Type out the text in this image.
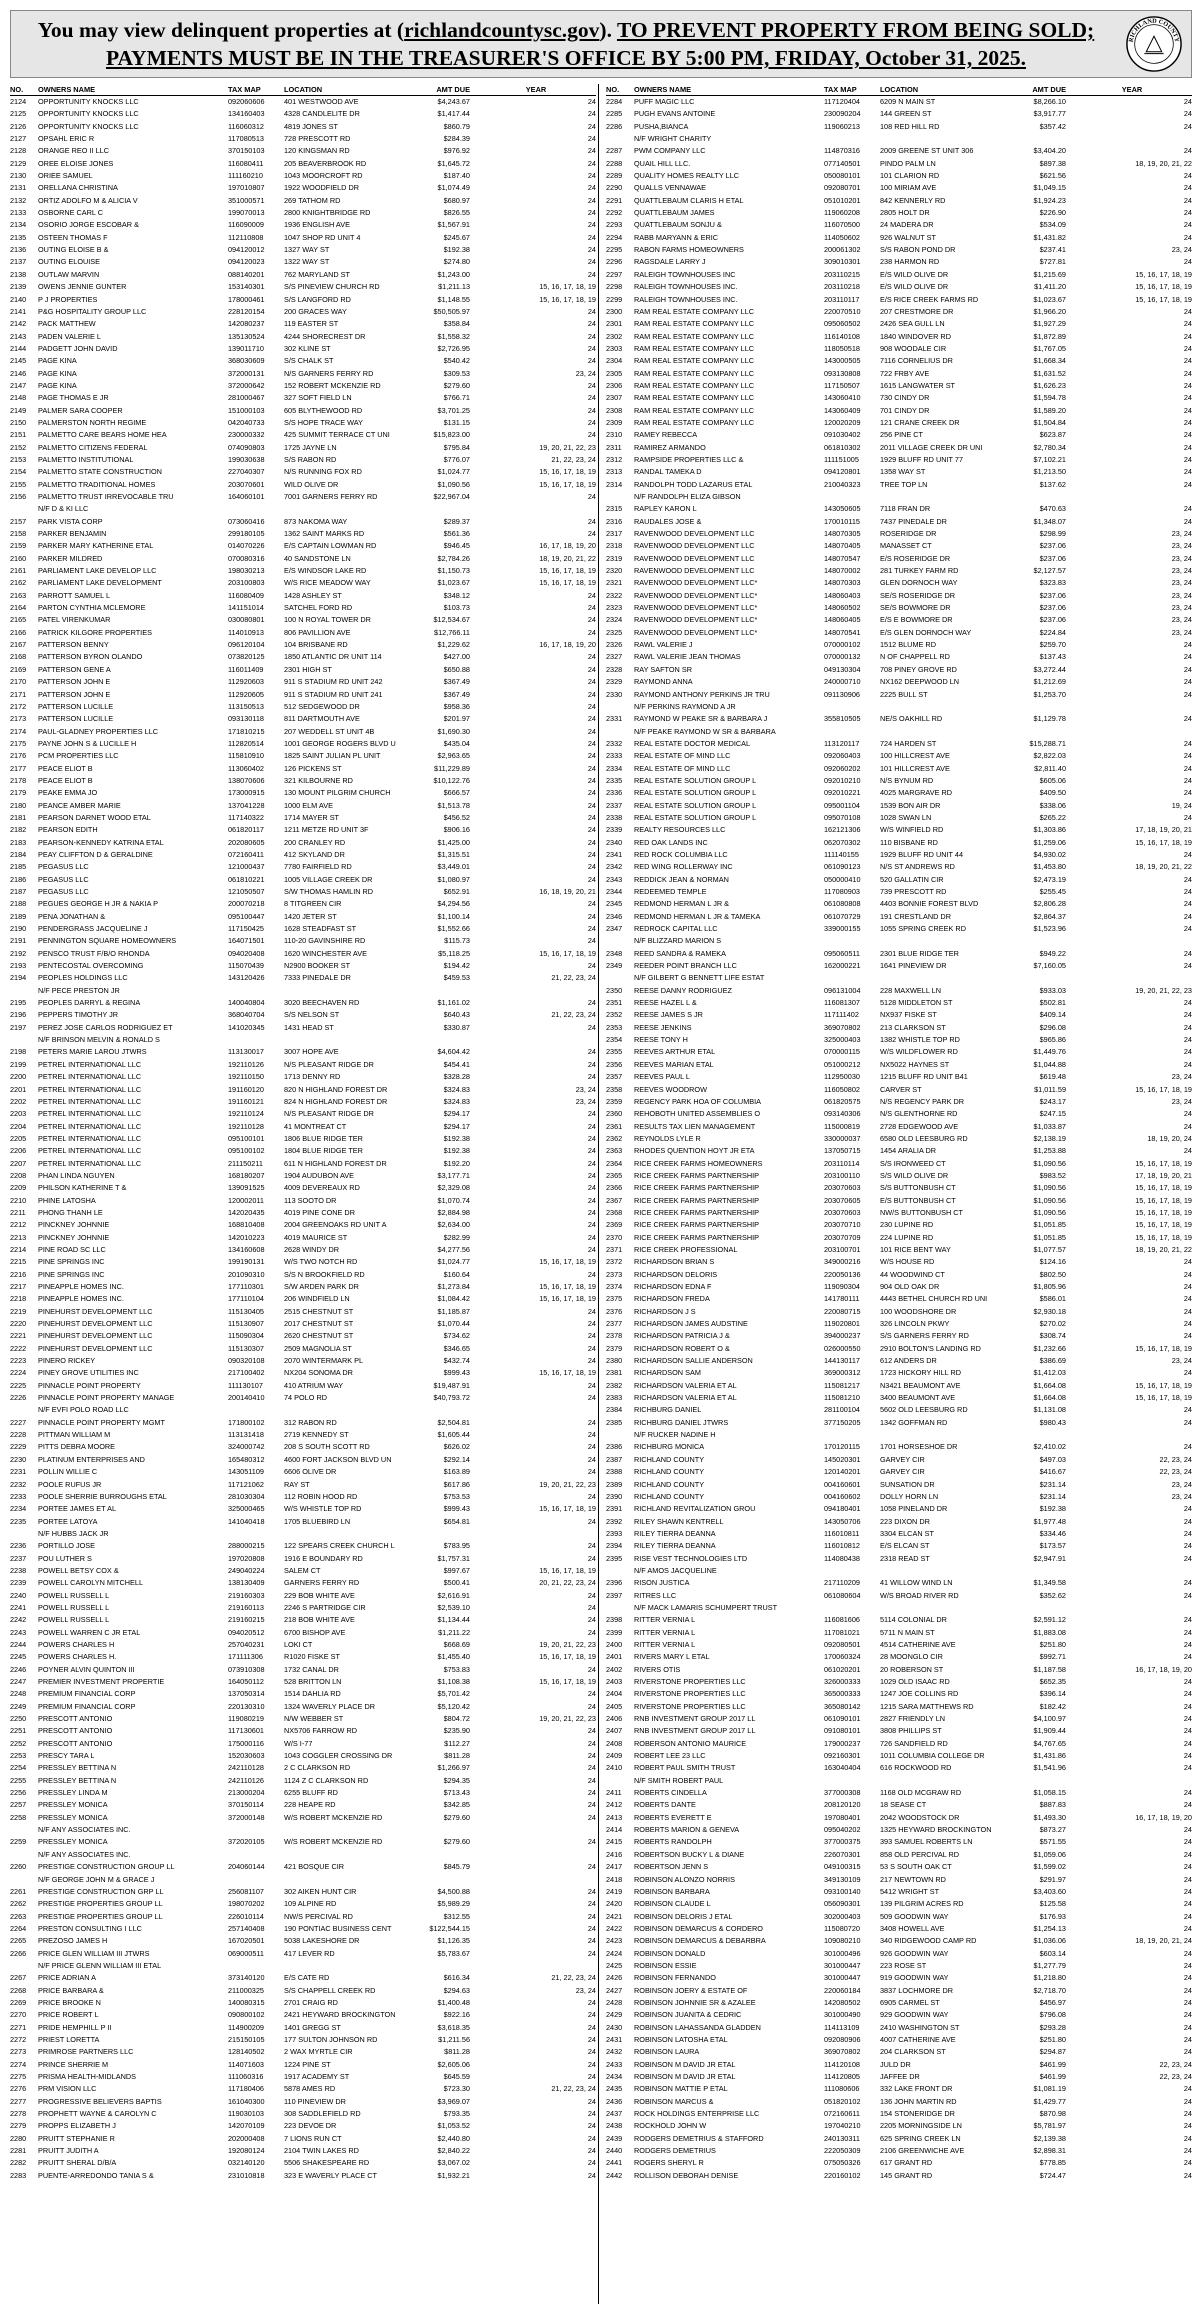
You may view delinquent properties at (richlandcountysc.gov). TO PREVENT PROPERTY FROM BEING SOLD;
PAYMENTS MUST BE IN THE TREASURER'S OFFICE BY 5:00 PM, FRIDAY, October 31, 2025.
RICHLAND COUNTY
NO.	OWNERS NAME	TAX MAP	LOCATION	AMT DUE	YEAR
2124	OPPORTUNITY KNOCKS LLC	092060606	401 WESTWOOD AVE	$4,243.67	24
2125	OPPORTUNITY KNOCKS LLC	134160403	4328 CANDLELITE DR	$1,417.44	24
2126	OPPORTUNITY KNOCKS LLC	116060312	4819 JONES ST	$860.79	24
2127	OPSAHL ERIC R	117080513	728 PRESCOTT RD	$284.39	24
2128	ORANGE REO II LLC	370150103	120 KINGSMAN RD	$976.92	24
2129	OREE ELOISE JONES	116080411	205 BEAVERBROOK RD	$1,645.72	24
2130	ORIEE SAMUEL	111160210	1043 MOORCROFT RD	$187.40	24
2131	ORELLANA CHRISTINA	197010807	1922 WOODFIELD DR	$1,074.49	24
2132	ORTIZ ADOLFO M & ALICIA V	351000571	269 TATHOM RD	$680.97	24
2133	OSBORNE CARL C	199070013	2800 KNIGHTBRIDGE RD	$826.55	24
2134	OSORIO JORGE ESCOBAR &	116090009	1936 ENGLISH AVE	$1,567.91	24
2135	OSTEEN THOMAS F	112110808	1047 SHOP RD UNIT 4	$245.67	24
2136	OUTING ELOISE B &	094120012	1327 WAY ST	$192.38	24
2137	OUTING ELOUISE	094120023	1322 WAY ST	$274.80	24
2138	OUTLAW MARVIN	088140201	762 MARYLAND ST	$1,243.00	24
2139	OWENS JENNIE GUNTER	153140301	S/S PINEVIEW CHURCH RD	$1,211.13	15, 16, 17, 18, 19
2140	P J PROPERTIES	178000461	S/S LANGFORD RD	$1,148.55	15, 16, 17, 18, 19
2141	P&G HOSPITALITY GROUP LLC	228120154	200 GRACES WAY	$50,505.97	24
2142	PACK MATTHEW	142080237	119 EASTER ST	$358.84	24
2143	PADEN VALERIE L	135130524	4244 SHORECREST DR	$1,558.32	24
2144	PADGETT JOHN DAVID	139011710	302 KLINE ST	$2,726.95	24
2145	PAGE KINA	368030609	S/S CHALK ST	$540.42	24
2146	PAGE KINA	372000131	N/S GARNERS FERRY RD	$309.53	23, 24
2147	PAGE KINA	372000642	152 ROBERT MCKENZIE RD	$279.60	24
2148	PAGE THOMAS E JR	281000467	327 SOFT FIELD LN	$766.71	24
2149	PALMER SARA COOPER	151000103	605 BLYTHEWOOD RD	$3,701.25	24
2150	PALMERSTON NORTH REGIME	042040733	S/S HOPE TRACE WAY	$131.15	24
2151	PALMETTO CARE BEARS HOME HEA	230000332	425 SUMMIT TERRACE CT UNI	$15,823.00	24
2152	PALMETTO CITIZENS FEDERAL	074090803	1725 JAYNE LN	$795.84	19, 20, 21, 22, 23
2153	PALMETTO INSTITUTIONAL	199030638	S/S RABON RD	$776.07	21, 22, 23, 24
2154	PALMETTO STATE CONSTRUCTION	227040307	N/S RUNNING FOX RD	$1,024.77	15, 16, 17, 18, 19
2155	PALMETTO TRADITIONAL HOMES	203070601	WILD OLIVE DR	$1,090.56	15, 16, 17, 18, 19
2156	PALMETTO TRUST IRREVOCABLE TRU	164060101	7001 GARNERS FERRY RD	$22,967.04	24
N/F D & KI LLC
2157	PARK VISTA CORP	073060416	873 NAKOMA WAY	$289.37	24
2158	PARKER BENJAMIN	299180105	1362 SAINT MARKS RD	$561.36	24
2159	PARKER MARY KATHERINE ETAL	014070226	E/S CAPTAIN LOWMAN RD	$946.45	16, 17, 18, 19, 20
2160	PARKER MILDRED	070080316	40 SANDSTONE LN	$2,784.26	18, 19, 20, 21, 22
2161	PARLIAMENT LAKE DEVELOP LLC	198030213	E/S WINDSOR LAKE RD	$1,150.73	15, 16, 17, 18, 19
2162	PARLIAMENT LAKE DEVELOPMENT	203100803	W/S RICE MEADOW WAY	$1,023.67	15, 16, 17, 18, 19
2163	PARROTT SAMUEL L	116080409	1428 ASHLEY ST	$348.12	24
2164	PARTON CYNTHIA MCLEMORE	141151014	SATCHEL FORD RD	$103.73	24
2165	PATEL VIRENKUMAR	030080801	100 N ROYAL TOWER DR	$12,534.67	24
2166	PATRICK KILGORE PROPERTIES	114010913	806 PAVILLION AVE	$12,766.11	24
2167	PATTERSON BENNY	096120104	104 BRISBANE RD	$1,229.62	16, 17, 18, 19, 20
2168	PATTERSON BYRON OLANDO	073820125	1850 ATLANTIC DR UNIT 114	$427.00	24
2169	PATTERSON GENE A	116011409	2301 HIGH ST	$650.88	24
2170	PATTERSON JOHN E	112920603	911 S STADIUM RD UNIT 242	$367.49	24
2171	PATTERSON JOHN E	112920605	911 S STADIUM RD UNIT 241	$367.49	24
2172	PATTERSON LUCILLE	113150513	512 SEDGEWOOD DR	$958.36	24
2173	PATTERSON LUCILLE	093130118	811 DARTMOUTH AVE	$201.97	24
2174	PAUL-GLADNEY PROPERTIES LLC	171810215	207 WEDDELL ST UNIT 4B	$1,690.30	24
2175	PAYNE JOHN S & LUCILLE H	112820514	1001 GEORGE ROGERS BLVD U	$435.04	24
2176	PCM PROPERTIES LLC	115810910	1825 SAINT JULIAN PL UNIT	$2,963.65	24
2177	PEACE ELIOT B	113060402	126 PICKENS ST	$11,229.89	24
2178	PEACE ELIOT B	138070606	321 KILBOURNE RD	$10,122.76	24
2179	PEAKE EMMA JO	173000915	130 MOUNT PILGRIM CHURCH	$666.57	24
2180	PEANCE AMBER MARIE	137041228	1000 ELM AVE	$1,513.78	24
2181	PEARSON DARNET WOOD ETAL	117140322	1714 MAYER ST	$456.52	24
2182	PEARSON EDITH	061820117	1211 METZE RD UNIT 3F	$906.16	24
2183	PEARSON-KENNEDY KATRINA ETAL	202080605	200 CRANLEY RD	$1,425.00	24
2184	PEAY CLIFFTON D & GERALDINE	072160411	412 SKYLAND DR	$1,315.51	24
2185	PEGASUS LLC	121000437	7780 FAIRFIELD RD	$3,449.01	24
2186	PEGASUS LLC	061810221	1005 VILLAGE CREEK DR	$1,080.97	24
2187	PEGASUS LLC	121050507	S/W THOMAS HAMLIN RD	$652.91	16, 18, 19, 20, 21
2188	PEGUES GEORGE H JR & NAKIA P	200070218	8 TITGREEN CIR	$4,294.56	24
2189	PENA JONATHAN &	095100447	1420 JETER ST	$1,100.14	24
2190	PENDERGRASS JACQUELINE J	117150425	1628 STEADFAST ST	$1,552.66	24
2191	PENNINGTON SQUARE HOMEOWNERS	164071501	110-20 GAVINSHIRE RD	$115.73	24
2192	PENSCO TRUST F/B/O RHONDA	094020408	1620 WINCHESTER AVE	$5,118.25	15, 16, 17, 18, 19
2193	PENTECOSTAL OVERCOMING	115070439	N2900 BOOKER ST	$194.42	24
2194	PEOPLES HOLDINGS LLC	143120426	7333 PINEDALE DR	$459.53	21, 22, 23, 24
N/F PECE PRESTON JR
2195	PEOPLES DARRYL & REGINA	140040804	3020 BEECHAVEN RD	$1,161.02	24
2196	PEPPERS TIMOTHY JR	368040704	S/S NELSON ST	$640.43	21, 22, 23, 24
2197	PEREZ JOSE CARLOS RODRIGUEZ ET	141020345	1431 HEAD ST	$330.87	24
N/F BRINSON MELVIN & RONALD S
2198	PETERS MARIE LAROU JTWRS	113130017	3007 HOPE AVE	$4,604.42	24
2199	PETREL INTERNATIONAL LLC	192110126	N/S PLEASANT RIDGE DR	$454.41	24
2200	PETREL INTERNATIONAL LLC	192110150	1713 DENNY RD	$328.28	24
2201	PETREL INTERNATIONAL LLC	191160120	820 N HIGHLAND FOREST DR	$324.83	23, 24
2202	PETREL INTERNATIONAL LLC	191160121	824 N HIGHLAND FOREST DR	$324.83	23, 24
2203	PETREL INTERNATIONAL LLC	192110124	N/S PLEASANT RIDGE DR	$294.17	24
2204	PETREL INTERNATIONAL LLC	192110128	41 MONTREAT CT	$294.17	24
2205	PETREL INTERNATIONAL LLC	095100101	1806 BLUE RIDGE TER	$192.38	24
2206	PETREL INTERNATIONAL LLC	095100102	1804 BLUE RIDGE TER	$192.38	24
2207	PETREL INTERNATIONAL LLC	211150211	611 N HIGHLAND FOREST DR	$192.20	24
2208	PHAN LINDA NGUYEN	168180207	1904 AUDUBON AVE	$3,177.71	24
2209	PHILSON KATHERINE T &	139091525	4009 DEVEREAUX RD	$2,329.08	24
2210	PHINE LATOSHA	120002011	113 SOOTO DR	$1,070.74	24
2211	PHONG THANH LE	142020435	4019 PINE CONE DR	$2,884.98	24
2212	PINCKNEY JOHNNIE	168810408	2004 GREENOAKS RD UNIT A	$2,634.00	24
2213	PINCKNEY JOHNNIE	142010223	4019 MAURICE ST	$282.99	24
2214	PINE ROAD SC LLC	134160608	2628 WINDY DR	$4,277.56	24
2215	PINE SPRINGS INC	199190131	W/S TWO NOTCH RD	$1,024.77	15, 16, 17, 18, 19
2216	PINE SPRINGS INC	201090310	S/S N BROOKFIELD RD	$160.64	24
2217	PINEAPPLE HOMES INC.	177110301	S/W ARDEN PARK DR	$1,273.84	15, 16, 17, 18, 19
2218	PINEAPPLE HOMES INC.	177110104	206 WINDFIELD LN	$1,084.42	15, 16, 17, 18, 19
2219	PINEHURST DEVELOPMENT LLC	115130405	2515 CHESTNUT ST	$1,185.87	24
2220	PINEHURST DEVELOPMENT LLC	115130907	2017 CHESTNUT ST	$1,070.44	24
2221	PINEHURST DEVELOPMENT LLC	115090304	2620 CHESTNUT ST	$734.62	24
2222	PINEHURST DEVELOPMENT LLC	115130307	2509 MAGNOLIA ST	$346.65	24
2223	PINERO RICKEY	090320108	2070 WINTERMARK PL	$432.74	24
2224	PINEY GROVE UTILITIES INC	217100402	NX204 SONOMA DR	$999.43	15, 16, 17, 18, 19
2225	PINNACLE POINT PROPERTY	111130107	410 ATRIUM WAY	$19,487.91	24
2226	PINNACLE POINT PROPERTY MANAGE	200140410	74 POLO RD	$40,793.72	24
N/F EVFI POLO ROAD LLC
2227	PINNACLE POINT PROPERTY MGMT	171800102	312 RABON RD	$2,504.81	24
2228	PITTMAN WILLIAM M	113131418	2719 KENNEDY ST	$1,605.44	24
2229	PITTS DEBRA MOORE	324000742	208 S SOUTH SCOTT RD	$626.02	24
2230	PLATINUM ENTERPRISES AND	165480312	4600 FORT JACKSON BLVD UN	$292.14	24
2231	POLLIN WILLIE C	143051109	6606 OLIVE DR	$163.89	24
2232	POOLE RUFUS JR	117121062	RAY ST	$617.86	19, 20, 21, 22, 23
2233	POOLE SHERRIE BURROUGHS ETAL	281030304	112 ROBIN HOOD RD	$753.53	24
2234	PORTEE JAMES ET AL	325000465	W/S WHISTLE TOP RD	$999.43	15, 16, 17, 18, 19
2235	PORTEE LATOYA	141040418	1705 BLUEBIRD LN	$654.81	24
N/F HUBBS JACK JR
2236	PORTILLO JOSE	288000215	122 SPEARS CREEK CHURCH L	$783.95	24
2237	POU LUTHER S	197020808	1916 E BOUNDARY RD	$1,757.31	24
2238	POWELL BETSY COX &	249040224	SALEM CT	$997.67	15, 16, 17, 18, 19
2239	POWELL CAROLYN MITCHELL	138130409	GARNERS FERRY RD	$500.41	20, 21, 22, 23, 24
2240	POWELL RUSSELL L	219160303	229 BOB WHITE AVE	$2,616.91	24
2241	POWELL RUSSELL L	219160113	2246 S PARTRIDGE CIR	$2,539.10	24
2242	POWELL RUSSELL L	219160215	218 BOB WHITE AVE	$1,134.44	24
2243	POWELL WARREN C JR ETAL	094020512	6700 BISHOP AVE	$1,211.22	24
2244	POWERS CHARLES H	257040231	LOKI CT	$668.69	19, 20, 21, 22, 23
2245	POWERS CHARLES H.	171111306	R1020 FISKE ST	$1,455.40	15, 16, 17, 18, 19
2246	POYNER ALVIN QUINTON III	073910308	1732 CANAL DR	$753.83	24
2247	PREMIER INVESTMENT PROPERTIE	164050112	528 BRITTON LN	$1,108.38	15, 16, 17, 18, 19
2248	PREMIUM FINANCIAL CORP	137050314	1514 DAHLIA RD	$5,701.42	24
2249	PREMIUM FINANCIAL CORP	220130310	1324 WAVERLY PLACE DR	$5,120.42	24
2250	PRESCOTT ANTONIO	119080219	N/W WEBBER ST	$804.72	19, 20, 21, 22, 23
2251	PRESCOTT ANTONIO	117130601	NX5706 FARROW RD	$235.90	24
2252	PRESCOTT ANTONIO	175000116	W/S I-77	$112.27	24
2253	PRESCY TARA L	152030603	1043 COGGLER CROSSING DR	$811.28	24
2254	PRESSLEY BETTINA N	242110128	2 C CLARKSON RD	$1,266.97	24
2255	PRESSLEY BETTINA N	242110126	1124 Z C CLARKSON RD	$294.35	24
2256	PRESSLEY LINDA M	213000204	6255 BLUFF RD	$713.43	24
2257	PRESSLEY MONICA	370150114	228 HEAPE RD	$342.85	24
2258	PRESSLEY MONICA	372000148	W/S ROBERT MCKENZIE RD	$279.60	24
N/F ANY ASSOCIATES INC.
2259	PRESSLEY MONICA	372020105	W/S ROBERT MCKENZIE RD	$279.60	24
N/F ANY ASSOCIATES INC.
2260	PRESTIGE CONSTRUCTION GROUP LL	204060144	421 BOSQUE CIR	$845.79	24
N/F GEORGE JOHN M & GRACE J
2261	PRESTIGE CONSTRUCTION GRP LL	256081107	302 AIKEN HUNT CIR	$4,500.88	24
2262	PRESTIGE PROPERTIES GROUP LL	198070202	109 ALPINE RD	$5,989.29	24
2263	PRESTIGE PROPERTIES GROUP LL	226010114	NW/S PERCIVAL RD	$312.55	24
2264	PRESTON CONSULTING I LLC	257140408	190 PONTIAC BUSINESS CENT	$122,544.15	24
2265	PREZOSO JAMES H	167020501	5038 LAKESHORE DR	$1,126.35	24
2266	PRICE GLEN WILLIAM III JTWRS	069000511	417 LEVER RD	$5,783.67	24
N/F PRICE GLENN WILLIAM III ETAL
2267	PRICE ADRIAN A	373140120	E/S CATE RD	$616.34	21, 22, 23, 24
2268	PRICE BARBARA &	211000325	S/S CHAPPELL CREEK RD	$294.63	23, 24
2269	PRICE BROOKE N	140080315	2701 CRAIG RD	$1,400.48	24
2270	PRICE ROBERT L	090800102	2421 HEYWARD BROCKINGTON	$922.16	24
2271	PRIDE HEMPHILL P II	114900209	1401 GREGG ST	$3,618.35	24
2272	PRIEST LORETTA	215150105	177 SULTON JOHNSON RD	$1,211.56	24
2273	PRIMROSE PARTNERS LLC	128140502	2 WAX MYRTLE CIR	$811.28	24
2274	PRINCE SHERRIE M	114071603	1224 PINE ST	$2,605.06	24
2275	PRISMA HEALTH-MIDLANDS	111060316	1917 ACADEMY ST	$645.59	24
2276	PRM VISION LLC	117180406	5878 AMES RD	$723.30	21, 22, 23, 24
2277	PROGRESSIVE BELIEVERS BAPTIS	161040300	110 PINEVIEW DR	$3,969.07	24
2278	PROPHETT WAYNE & CAROLYN C	119030103	308 SADDLEFIELD RD	$793.35	24
2279	PROPPS ELIZABETH J	142070109	223 DEVOE DR	$1,053.52	24
2280	PRUITT STEPHANIE R	202000408	7 LIONS RUN CT	$2,440.80	24
2281	PRUITT JUDITH A	192080124	2104 TWIN LAKES RD	$2,840.22	24
2282	PRUITT SHERAL D/B/A	032140120	5506 SHAKESPEARE RD	$3,067.02	24
2283	PUENTE-ARREDONDO TANIA S &	231010818	323 E WAVERLY PLACE CT	$1,932.21	24
NO.	OWNERS NAME	TAX MAP	LOCATION	AMT DUE	YEAR
2284	PUFF MAGIC LLC	117120404	6209 N MAIN ST	$8,266.10	24
2285	PUGH EVANS ANTOINE	230090204	144 GREEN ST	$3,917.77	24
2286	PUSHA,BIANCA	119060213	108 RED HILL RD	$357.42	24
N/F WRIGHT CHARITY
2287	PWM COMPANY LLC	114870316	2009 GREENE ST UNIT 306	$3,404.20	24
2288	QUAIL HILL LLC.	077140501	PINDO PALM LN	$897.38	18, 19, 20, 21, 22
2289	QUALITY HOMES REALTY LLC	050080101	101 CLARION RD	$621.56	24
2290	QUALLS VENNAWAE	092080701	100 MIRIAM AVE	$1,049.15	24
2291	QUATTLEBAUM CLARIS H ETAL	051010201	842 KENNERLY RD	$1,924.23	24
2292	QUATTLEBAUM JAMES	119060208	2805 HOLT DR	$226.90	24
2293	QUATTLEBAUM SONJU &	116070500	24 MADERA DR	$534.09	24
2294	RABB MARYANN & ERIC	114050602	926 WALNUT ST	$1,431.82	24
2295	RABON FARMS HOMEOWNERS	200061302	S/S RABON POND DR	$237.41	23, 24
2296	RAGSDALE LARRY J	309010301	238 HARMON RD	$727.81	24
2297	RALEIGH TOWNHOUSES INC	203110215	E/S WILD OLIVE DR	$1,215.69	15, 16, 17, 18, 19
2298	RALEIGH TOWNHOUSES INC.	203110218	E/S WILD OLIVE DR	$1,411.20	15, 16, 17, 18, 19
2299	RALEIGH TOWNHOUSES INC.	203110117	E/S RICE CREEK FARMS RD	$1,023.67	15, 16, 17, 18, 19
2300	RAM REAL ESTATE COMPANY LLC	220070510	207 CRESTMORE DR	$1,966.20	24
2301	RAM REAL ESTATE COMPANY LLC	095060502	2426 SEA GULL LN	$1,927.29	24
2302	RAM REAL ESTATE COMPANY LLC	116140108	1840 WINDOVER RD	$1,872.89	24
2303	RAM REAL ESTATE COMPANY LLC	118050518	908 WOODALE CIR	$1,767.05	24
2304	RAM REAL ESTATE COMPANY LLC	143000505	7116 CORNELIUS DR	$1,668.34	24
2305	RAM REAL ESTATE COMPANY LLC	093130808	722 FRBY AVE	$1,631.52	24
2306	RAM REAL ESTATE COMPANY LLC	117150507	1615 LANGWATER ST	$1,626.23	24
2307	RAM REAL ESTATE COMPANY LLC	143060410	730 CINDY DR	$1,594.78	24
2308	RAM REAL ESTATE COMPANY LLC	143060409	701 CINDY DR	$1,589.20	24
2309	RAM REAL ESTATE COMPANY LLC	120020209	121 CRANE CREEK DR	$1,504.84	24
2310	RAMEY REBECCA	091030402	256 PINE CT	$623.87	24
2311	RAMIREZ ARMANDO	061810302	2011 VILLAGE CREEK DR UNI	$2,780.34	24
2312	RAMPSIDE PROPERTIES LLC &	111151005	1929 BLUFF RD UNIT 77	$7,102.21	24
2313	RANDAL TAMEKA D	094120801	1358 WAY ST	$1,213.50	24
2314	RANDOLPH TODD LAZARUS ETAL	210040323	TREE TOP LN	$137.62	24
N/F RANDOLPH ELIZA GIBSON
2315	RAPLEY KARON L	143050605	7118 FRAN DR	$470.63	24
2316	RAUDALES JOSE &	170010115	7437 PINEDALE DR	$1,348.07	24
2317	RAVENWOOD DEVELOPMENT LLC	148070305	ROSERIDGE DR	$298.99	23, 24
2318	RAVENWOOD DEVELOPMENT LLC	148070405	MANASSET CT	$237.06	23, 24
2319	RAVENWOOD DEVELOPMENT LLC	148070547	E/S ROSERIDGE DR	$237.06	23, 24
2320	RAVENWOOD DEVELOPMENT LLC	148070002	281 TURKEY FARM RD	$2,127.57	23, 24
2321	RAVENWOOD DEVELOPMENT LLC*	148070303	GLEN DORNOCH WAY	$323.83	23, 24
2322	RAVENWOOD DEVELOPMENT LLC*	148060403	SE/S ROSERIDGE DR	$237.06	23, 24
2323	RAVENWOOD DEVELOPMENT LLC*	148060502	SE/S BOWMORE DR	$237.06	23, 24
2324	RAVENWOOD DEVELOPMENT LLC*	148060405	E/S E BOWMORE DR	$237.06	23, 24
2325	RAVENWOOD DEVELOPMENT LLC*	148070541	E/S GLEN DORNOCH WAY	$224.84	23, 24
2326	RAWL VALERIE J	070000102	1512 BLUME RD	$259.70	24
2327	RAWL VALERIE JEAN THOMAS	070000132	N OF CHAPPELL RD	$137.43	24
2328	RAY SAFTON SR	049130304	708 PINEY GROVE RD	$3,272.44	24
2329	RAYMOND ANNA	240000710	NX162 DEEPWOOD LN	$1,212.69	24
2330	RAYMOND ANTHONY PERKINS JR TRU	091130906	2225 BULL ST	$1,253.70	24
N/F PERKINS RAYMOND A JR
2331	RAYMOND W PEAKE SR & BARBARA J	355810505	NE/S OAKHILL RD	$1,129.78	24
N/F PEAKE RAYMOND W SR & BARBARA
2332	REAL ESTATE DOCTOR MEDICAL	113120117	724 HARDEN ST	$15,288.71	24
2333	REAL ESTATE OF MIND LLC	092060403	100 HILLCREST AVE	$2,822.03	24
2334	REAL ESTATE OF MIND LLC	092060202	101 HILLCREST AVE	$2,811.40	24
2335	REAL ESTATE SOLUTION GROUP L	092010210	N/S BYNUM RD	$605.06	24
2336	REAL ESTATE SOLUTION GROUP L	092010221	4025 MARGRAVE RD	$409.50	24
2337	REAL ESTATE SOLUTION GROUP L	095001104	1539 BON AIR DR	$338.06	19, 24
2338	REAL ESTATE SOLUTION GROUP L	095070108	1028 SWAN LN	$265.22	24
2339	REALTY RESOURCES LLC	162121306	W/S WINFIELD RD	$1,303.86	17, 18, 19, 20, 21
2340	RED OAK LANDS INC	062070302	110 BISBANE RD	$1,259.06	15, 16, 17, 18, 19
2341	RED ROCK COLUMBIA LLC	111140155	1929 BLUFF RD UNIT 44	$4,930.02	24
2342	RED WING ROLLERWAY INC	061090123	N/S ST ANDREWS RD	$1,453.80	18, 19, 20, 21, 22
2343	REDDICK JEAN & NORMAN	050000410	520 GALLATIN CIR	$2,473.19	24
2344	REDEEMED TEMPLE	117080903	739 PRESCOTT RD	$255.45	24
2345	REDMOND HERMAN L JR &	061080808	4403 BONNIE FOREST BLVD	$2,806.28	24
2346	REDMOND HERMAN L JR & TAMEKA	061070729	191 CRESTLAND DR	$2,864.37	24
2347	REDROCK CAPITAL LLC	339000155	1055 SPRING CREEK RD	$1,523.96	24
N/F BLIZZARD MARION S
2348	REED SANDRA & RAMEKA	095060511	2301 BLUE RIDGE TER	$949.22	24
2349	REEDER POINT BRANCH LLC	162000221	1641 PINEVIEW DR	$7,160.05	24
N/F GILBERT G BENNETT LIFE ESTAT
2350	REESE DANNY RODRIGUEZ	096131004	228 MAXWELL LN	$933.03	19, 20, 21, 22, 23
2351	REESE HAZEL L &	116081307	5128 MIDDLETON ST	$502.81	24
2352	REESE JAMES S JR	117111402	NX937 FISKE ST	$409.14	24
2353	REESE JENKINS	369070802	213 CLARKSON ST	$296.08	24
2354	REESE TONY H	325000403	1382 WHISTLE TOP RD	$965.86	24
2355	REEVES ARTHUR ETAL	070000115	W/S WILDFLOWER RD	$1,449.76	24
2356	REEVES MARIAN ETAL	051000212	NX5022 HAYNES ST	$1,044.88	24
2357	REEVES PAUL L	112950030	1215 BLUFF RD UNIT B41	$619.48	23, 24
2358	REEVES WOODROW	116050802	CARVER ST	$1,011.59	15, 16, 17, 18, 19
2359	REGENCY PARK HOA OF COLUMBIA	061820575	N/S REGENCY PARK DR	$243.17	23, 24
2360	REHOBOTH UNITED ASSEMBLIES O	093140306	N/S GLENTHORNE RD	$247.15	24
2361	RESULTS TAX LIEN MANAGEMENT	115000819	2728 EDGEWOOD AVE	$1,033.87	24
2362	REYNOLDS LYLE R	330000037	6580 OLD LEESBURG RD	$2,138.19	18, 19, 20, 24
2363	RHODES QUENTION HOYT JR ETA	137050715	1454 ARALIA DR	$1,253.88	24
2364	RICE CREEK FARMS HOMEOWNERS	203110114	S/S IRONWEED CT	$1,090.56	15, 16, 17, 18, 19
2365	RICE CREEK FARMS PARTNERSHIP	203100110	S/S WILD OLIVE DR	$983.52	17, 18, 19, 20, 21
2366	RICE CREEK FARMS PARTNERSHIP	203070603	S/S BUTTONBUSH CT	$1,090.56	15, 16, 17, 18, 19
2367	RICE CREEK FARMS PARTNERSHIP	203070605	E/S BUTTONBUSH CT	$1,090.56	15, 16, 17, 18, 19
2368	RICE CREEK FARMS PARTNERSHIP	203070603	NW/S BUTTONBUSH CT	$1,090.56	15, 16, 17, 18, 19
2369	RICE CREEK FARMS PARTNERSHIP	203070710	230 LUPINE RD	$1,051.85	15, 16, 17, 18, 19
2370	RICE CREEK FARMS PARTNERSHIP	203070709	224 LUPINE RD	$1,051.85	15, 16, 17, 18, 19
2371	RICE CREEK PROFESSIONAL	203100701	101 RICE BENT WAY	$1,077.57	18, 19, 20, 21, 22
2372	RICHARDSON BRIAN S	349000216	W/S HOUSE RD	$124.16	24
2373	RICHARDSON DELORIS	220050136	44 WOODWIND CT	$802.50	24
2374	RICHARDSON EDNA F	119090304	904 OLD OAK DR	$1,805.96	24
2375	RICHARDSON FREDA	141780111	4443 BETHEL CHURCH RD UNI	$586.01	24
2376	RICHARDSON J S	220080715	100 WOODSHORE DR	$2,930.18	24
2377	RICHARDSON JAMES AUDSTINE	119020801	326 LINCOLN PKWY	$270.02	24
2378	RICHARDSON PATRICIA J &	394000237	S/S GARNERS FERRY RD	$308.74	24
2379	RICHARDSON ROBERT O &	026000550	2910 BOLTON'S LANDING RD	$1,232.66	15, 16, 17, 18, 19
2380	RICHARDSON SALLIE ANDERSON	144130117	612 ANDERS DR	$386.69	23, 24
2381	RICHARDSON SAM	369000312	1723 HICKORY HILL RD	$1,412.03	24
2382	RICHARDSON VALERIA ET AL	115081217	N3421 BEAUMONT AVE	$1,664.08	15, 16, 17, 18, 19
2383	RICHARDSON VALERIA ET AL	115081210	3400 BEAUMONT AVE	$1,664.08	15, 16, 17, 18, 19
2384	RICHBURG DANIEL	281100104	5602 OLD LEESBURG RD	$1,131.08	24
2385	RICHBURG DANIEL JTWRS	377150205	1342 GOFFMAN RD	$980.43	24
N/F RUCKER NADINE H
2386	RICHBURG MONICA	170120115	1701 HORSESHOE DR	$2,410.02	24
2387	RICHLAND COUNTY	145020301	GARVEY CIR	$497.03	22, 23, 24
2388	RICHLAND COUNTY	120140201	GARVEY CIR	$416.67	22, 23, 24
2389	RICHLAND COUNTY	004160601	SUNSATION DR	$231.14	23, 24
2390	RICHLAND COUNTY	004160602	DOLLY HORN LN	$231.14	23, 24
2391	RICHLAND REVITALIZATION GROU	094180401	1058 PINELAND DR	$192.38	24
2392	RILEY SHAWN KENTRELL	143050706	223 DIXON DR	$1,977.48	24
2393	RILEY TIERRA DEANNA	116010811	3304 ELCAN ST	$334.46	24
2394	RILEY TIERRA DEANNA	116010812	E/S ELCAN ST	$173.57	24
2395	RISE VEST TECHNOLOGIES LTD	114080438	2318 READ ST	$2,947.91	24
N/F AMOS JACQUELINE
2396	RISON JUSTICA	217110209	41 WILLOW WIND LN	$1,349.58	24
2397	RITRES LLC	061080604	W/S BROAD RIVER RD	$352.62	24
N/F MACK LAMARIS SCHUMPERT TRUST
2398	RITTER VERNIA L	116081606	5114 COLONIAL DR	$2,591.12	24
2399	RITTER VERNIA L	117081021	5711 N MAIN ST	$1,883.08	24
2400	RITTER VERNIA L	092080501	4514 CATHERINE AVE	$251.80	24
2401	RIVERS MARY L ETAL	170060324	28 MOONGLO CIR	$992.71	24
2402	RIVERS OTIS	061020201	20 ROBERSON ST	$1,187.58	16, 17, 18, 19, 20
2403	RIVERSTONE PROPERTIES LLC	326000333	1029 OLD ISAAC RD	$652.35	24
2404	RIVERSTONE PROPERTIES LLC	365000333	1247 JOE COLLINS RD	$396.14	24
2405	RIVERSTONE PROPERTIES LLC	365080142	1215 SARA MATTHEWS RD	$182.42	24
2406	RNB INVESTMENT GROUP 2017 LL	061090101	2827 FRIENDLY LN	$4,100.97	24
2407	RNB INVESTMENT GROUP 2017 LL	091080101	3808 PHILLIPS ST	$1,909.44	24
2408	ROBERSON ANTONIO MAURICE	179000237	726 SANDFIELD RD	$4,767.65	24
2409	ROBERT LEE 23 LLC	092160301	1011 COLUMBIA COLLEGE DR	$1,431.86	24
2410	ROBERT PAUL SMITH TRUST	163040404	616 ROCKWOOD RD	$1,541.96	24
N/F SMITH ROBERT PAUL
2411	ROBERTS CINDELLA	377000308	1168 OLD MCGRAW RD	$1,058.15	24
2412	ROBERTS DANTE	208120120	18 SEASE CT	$887.83	24
2413	ROBERTS EVERETT E	197080401	2042 WOODSTOCK DR	$1,493.30	16, 17, 18, 19, 20
2414	ROBERTS MARION & GENEVA	095040202	1325 HEYWARD BROCKINGTON	$873.27	24
2415	ROBERTS RANDOLPH	377000375	393 SAMUEL ROBERTS LN	$571.55	24
2416	ROBERTSON BUCKY L & DIANE	226070301	858 OLD PERCIVAL RD	$1,059.06	24
2417	ROBERTSON JENN S	049100315	53 S SOUTH OAK CT	$1,599.02	24
2418	ROBINSON ALONZO NORRIS	349130109	217 NEWTOWN RD	$291.97	24
2419	ROBINSON BARBARA	093100140	5412 WRIGHT ST	$3,403.60	24
2420	ROBINSON CLAUDE L	056090301	139 PILGRIM ACRES RD	$125.58	24
2421	ROBINSON DELORIS J ETAL	302000403	509 GOODWIN WAY	$176.93	24
2422	ROBINSON DEMARCUS & CORDERO	115080720	3408 HOWELL AVE	$1,254.13	24
2423	ROBINSON DEMARCUS & DEBARBRA	109080210	340 RIDGEWOOD CAMP RD	$1,036.06	18, 19, 20, 21, 24
2424	ROBINSON DONALD	301000496	926 GOODWIN WAY	$603.14	24
2425	ROBINSON ESSIE	301000447	223 ROSE ST	$1,277.79	24
2426	ROBINSON FERNANDO	301000447	919 GOODWIN WAY	$1,218.80	24
2427	ROBINSON JOERY & ESTATE OF	220060184	3837 LOCHMORE DR	$2,718.70	24
2428	ROBINSON JOHNNIE SR & AZALEE	142080502	6905 CARMEL ST	$456.97	24
2429	ROBINSON JUANITA & CEDRIC	301000490	929 GOODWIN WAY	$796.08	24
2430	ROBINSON LAHASSANDA GLADDEN	114113109	2410 WASHINGTON ST	$293.28	24
2431	ROBINSON LATOSHA ETAL	092080906	4007 CATHERINE AVE	$251.80	24
2432	ROBINSON LAURA	369070802	204 CLARKSON ST	$294.87	24
2433	ROBINSON M DAVID JR ETAL	114120108	JULD DR	$461.99	22, 23, 24
2434	ROBINSON M DAVID JR ETAL	114120805	JAFFEE DR	$461.99	22, 23, 24
2435	ROBINSON MATTIE P ETAL	111080606	332 LAKE FRONT DR	$1,081.19	24
2436	ROBINSON MARCUS &	051820102	136 JOHN MARTIN RD	$1,429.77	24
2437	ROCK HOLDINGS ENTERPRISE LLC	072160611	154 STONERIDGE DR	$870.98	24
2438	ROCKHOLD JOHN W	197040210	2205 MORNINGSIDE LN	$5,781.97	24
2439	RODGERS DEMETRIUS & STAFFORD	240130311	625 SPRING CREEK LN	$2,139.38	24
2440	RODGERS DEMETRIUS	222050309	2106 GREENWICHE AVE	$2,898.31	24
2441	ROGERS SHERYL R	075050326	617 GRANT RD	$778.85	24
2442	ROLLISON DEBORAH DENISE	220160102	145 GRANT RD	$724.47	24
